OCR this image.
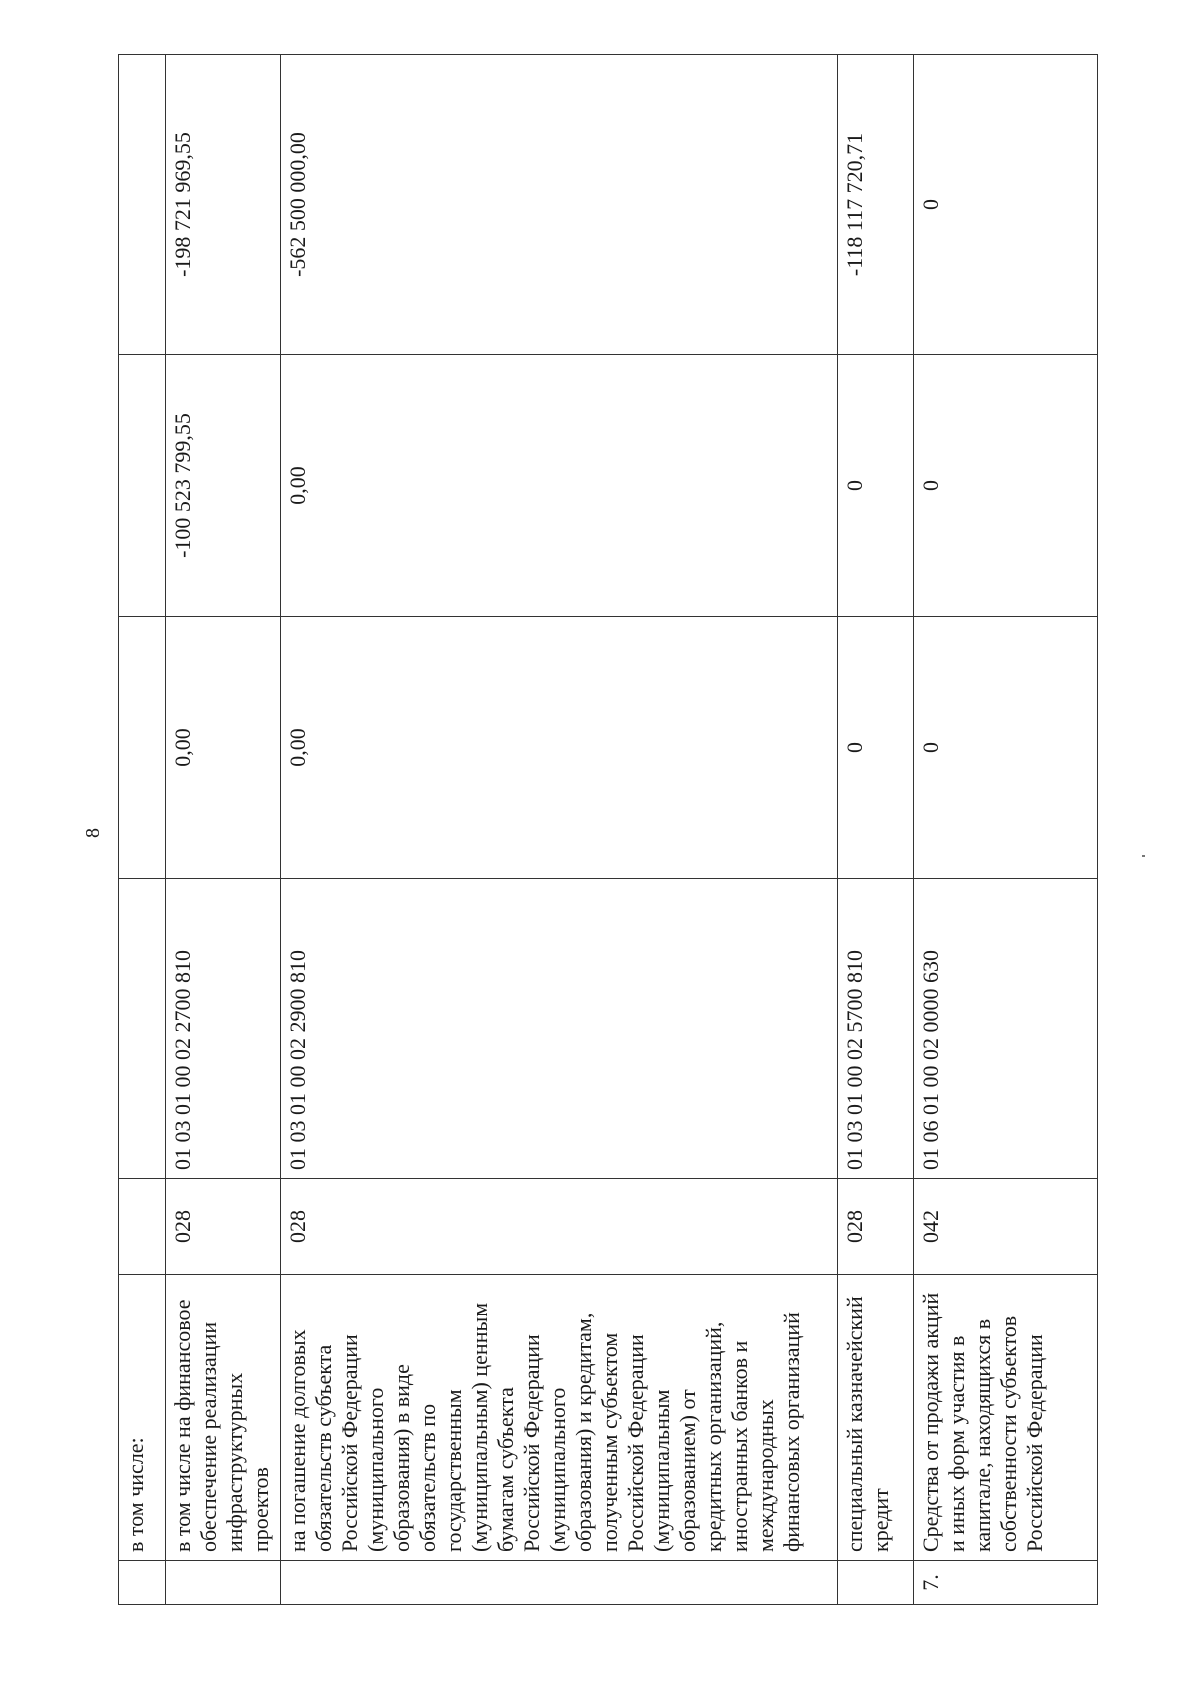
8
	в том числе:					
	в том числе на финансовое обеспечение реализации инфраструктурных проектов	028	01 03 01 00 02 2700 810	0,00	-100 523 799,55	-198 721 969,55
	на погашение долговых обязательств субъекта Российской Федерации (муниципального образования) в виде обязательств по государственным (муниципальным) ценным бумагам субъекта Российской Федерации (муниципального образования) и кредитам, полученным субъектом Российской Федерации (муниципальным образованием) от кредитных организаций, иностранных банков и международных финансовых организаций	028	01 03 01 00 02 2900 810	0,00	0,00	-562 500 000,00
	специальный казначейский кредит	028	01 03 01 00 02 5700 810	0	0	-118 117 720,71
7.	Средства от продажи акций и иных форм участия в капитале, находящихся в собственности субъектов Российской Федерации	042	01 06 01 00 02 0000 630	0	0	0
